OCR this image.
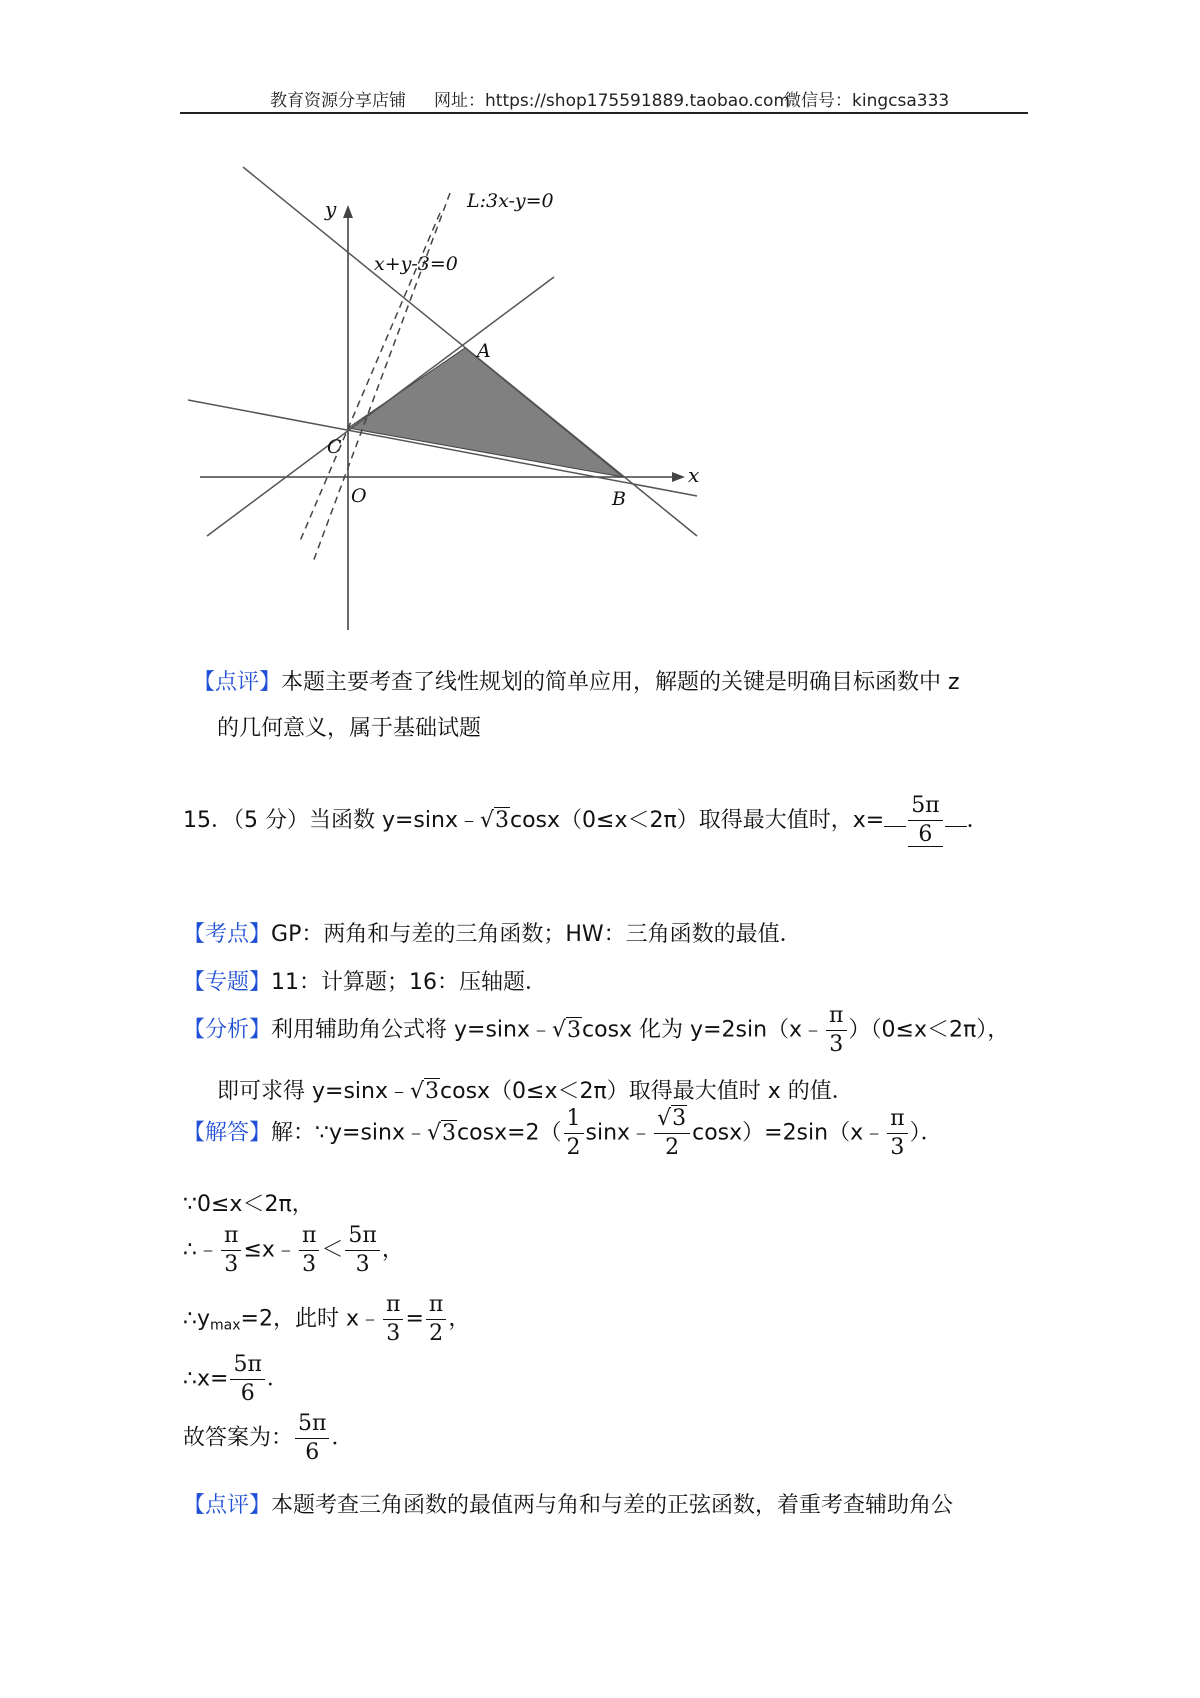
教育资源分享店铺 网址：https://shop175591889.taobao.com
微信号：kingcsa333
L:3x-y=0
x+y-3=0
y
x
A
B
C
O
【点评】本题主要考查了线性规划的简单应用，解题的关键是明确目标函数中 z
的几何意义，属于基础试题
15．（5 分）当函数 y=sinx﹣√3cosx（0≤x＜2π）取得最大值时，$x= \frac{5\pi}{6}$ ．
【考点】GP：两角和与差的三角函数；HW：三角函数的最值．
【专题】11：计算题；16：压轴题．
【分析】利用辅助角公式将 y=sinx﹣√3cosx 化为 y=2sin（x﹣ $\frac{\pi}{3} )(0\le x<2\pi)$，
即可求得 y=sinx﹣√3cosx（0≤x＜2π）取得最大值时 x 的值．
【解答】解：∵y=sinx﹣√3cosx=2（ $\frac{1}{2}$ sinx﹣ $\frac{√3}{2}$ cosx）=2sin（x﹣ $\frac{\pi}{3}$ ）．
∵0≤x＜2π，
∴﹣ $\frac{\pi}{3}$ ≤x﹣ $\frac{\pi}{3} < \frac{5\pi}{3}$ ，
$\therefore y_{max}=2$，此时 x﹣ $\frac{\pi}{3} = \frac{\pi}{2}$ ，
∴x= $\frac{5\pi}{6}$ ．
故答案为： $\frac{5\pi}{6}$ ．
【点评】本题考查三角函数的最值两与角和与差的正弦函数，着重考查辅助角公
